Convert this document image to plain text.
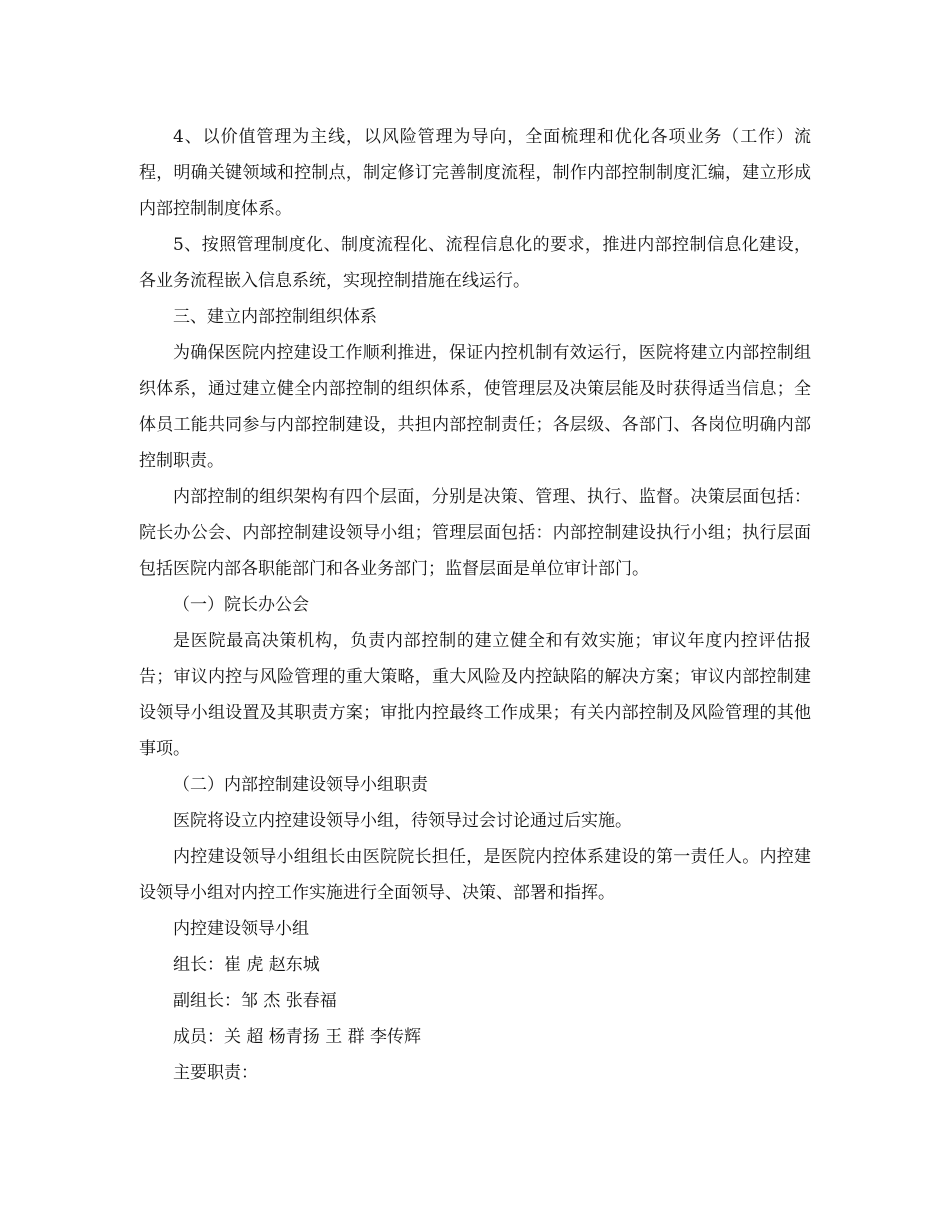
4、以价值管理为主线，以风险管理为导向，全面梳理和优化各项业务（工作）流程，明确关键领域和控制点，制定修订完善制度流程，制作内部控制制度汇编，建立形成内部控制制度体系。

5、按照管理制度化、制度流程化、流程信息化的要求，推进内部控制信息化建设，各业务流程嵌入信息系统，实现控制措施在线运行。

三、建立内部控制组织体系

为确保医院内控建设工作顺利推进，保证内控机制有效运行，医院将建立内部控制组织体系，通过建立健全内部控制的组织体系，使管理层及决策层能及时获得适当信息；全体员工能共同参与内部控制建设，共担内部控制责任；各层级、各部门、各岗位明确内部控制职责。

内部控制的组织架构有四个层面，分别是决策、管理、执行、监督。决策层面包括：院长办公会、内部控制建设领导小组；管理层面包括：内部控制建设执行小组；执行层面包括医院内部各职能部门和各业务部门；监督层面是单位审计部门。

（一）院长办公会

是医院最高决策机构，负责内部控制的建立健全和有效实施；审议年度内控评估报告；审议内控与风险管理的重大策略，重大风险及内控缺陷的解决方案；审议内部控制建设领导小组设置及其职责方案；审批内控最终工作成果；有关内部控制及风险管理的其他事项。

（二）内部控制建设领导小组职责

医院将设立内控建设领导小组，待领导过会讨论通过后实施。

内控建设领导小组组长由医院院长担任，是医院内控体系建设的第一责任人。内控建设领导小组对内控工作实施进行全面领导、决策、部署和指挥。

内控建设领导小组

组长：崔 虎 赵东城

副组长：邹 杰 张春福

成员：关 超 杨青扬 王 群 李传辉

主要职责：
